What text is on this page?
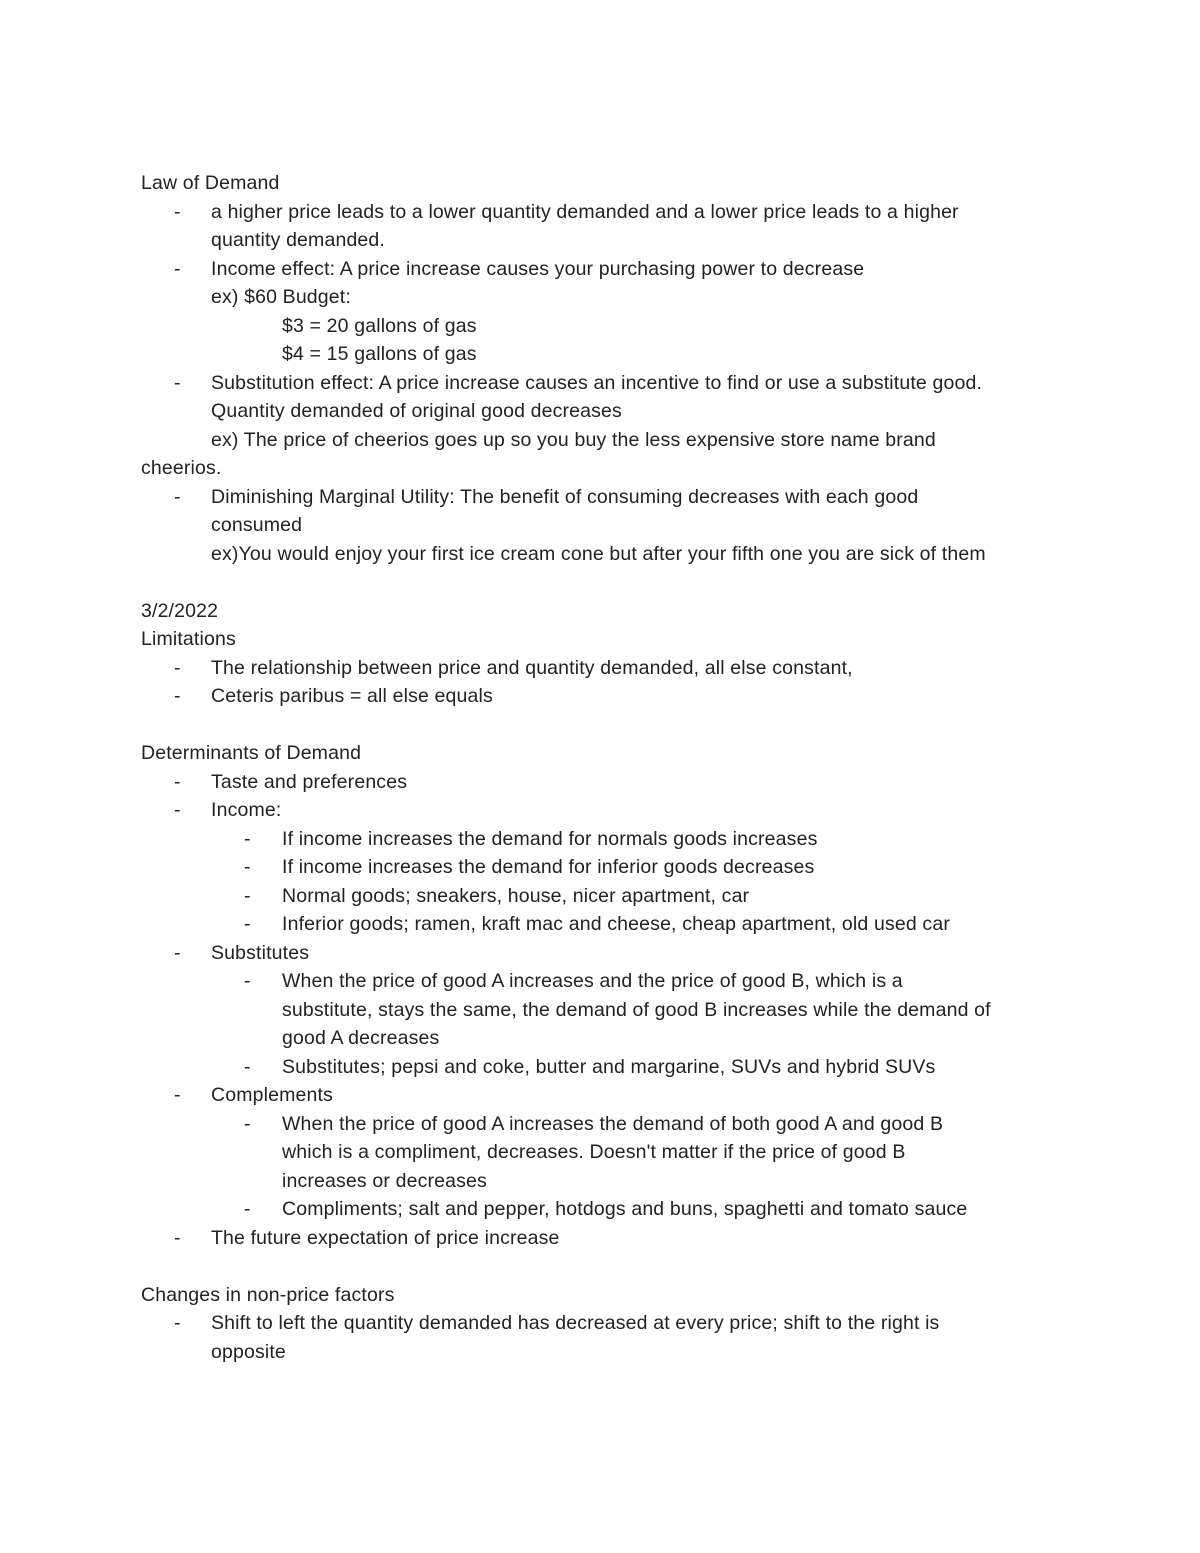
Law of Demand
- a higher price leads to a lower quantity demanded and a lower price leads to a higher
quantity demanded.
- Income effect: A price increase causes your purchasing power to decrease
ex) $60 Budget:
$3 = 20 gallons of gas
$4 = 15 gallons of gas
- Substitution effect: A price increase causes an incentive to find or use a substitute good.
Quantity demanded of original good decreases
ex) The price of cheerios goes up so you buy the less expensive store name brand
cheerios.
- Diminishing Marginal Utility: The benefit of consuming decreases with each good
consumed
ex)You would enjoy your first ice cream cone but after your fifth one you are sick of them
3/2/2022
Limitations
- The relationship between price and quantity demanded, all else constant,
- Ceteris paribus = all else equals
Determinants of Demand
- Taste and preferences
- Income:
- If income increases the demand for normals goods increases
- If income increases the demand for inferior goods decreases
- Normal goods; sneakers, house, nicer apartment, car
- Inferior goods; ramen, kraft mac and cheese, cheap apartment, old used car
- Substitutes
- When the price of good A increases and the price of good B, which is a
substitute, stays the same, the demand of good B increases while the demand of
good A decreases
- Substitutes; pepsi and coke, butter and margarine, SUVs and hybrid SUVs
- Complements
- When the price of good A increases the demand of both good A and good B
which is a compliment, decreases. Doesn't matter if the price of good B
increases or decreases
- Compliments; salt and pepper, hotdogs and buns, spaghetti and tomato sauce
- The future expectation of price increase
Changes in non-price factors
- Shift to left the quantity demanded has decreased at every price; shift to the right is
opposite
